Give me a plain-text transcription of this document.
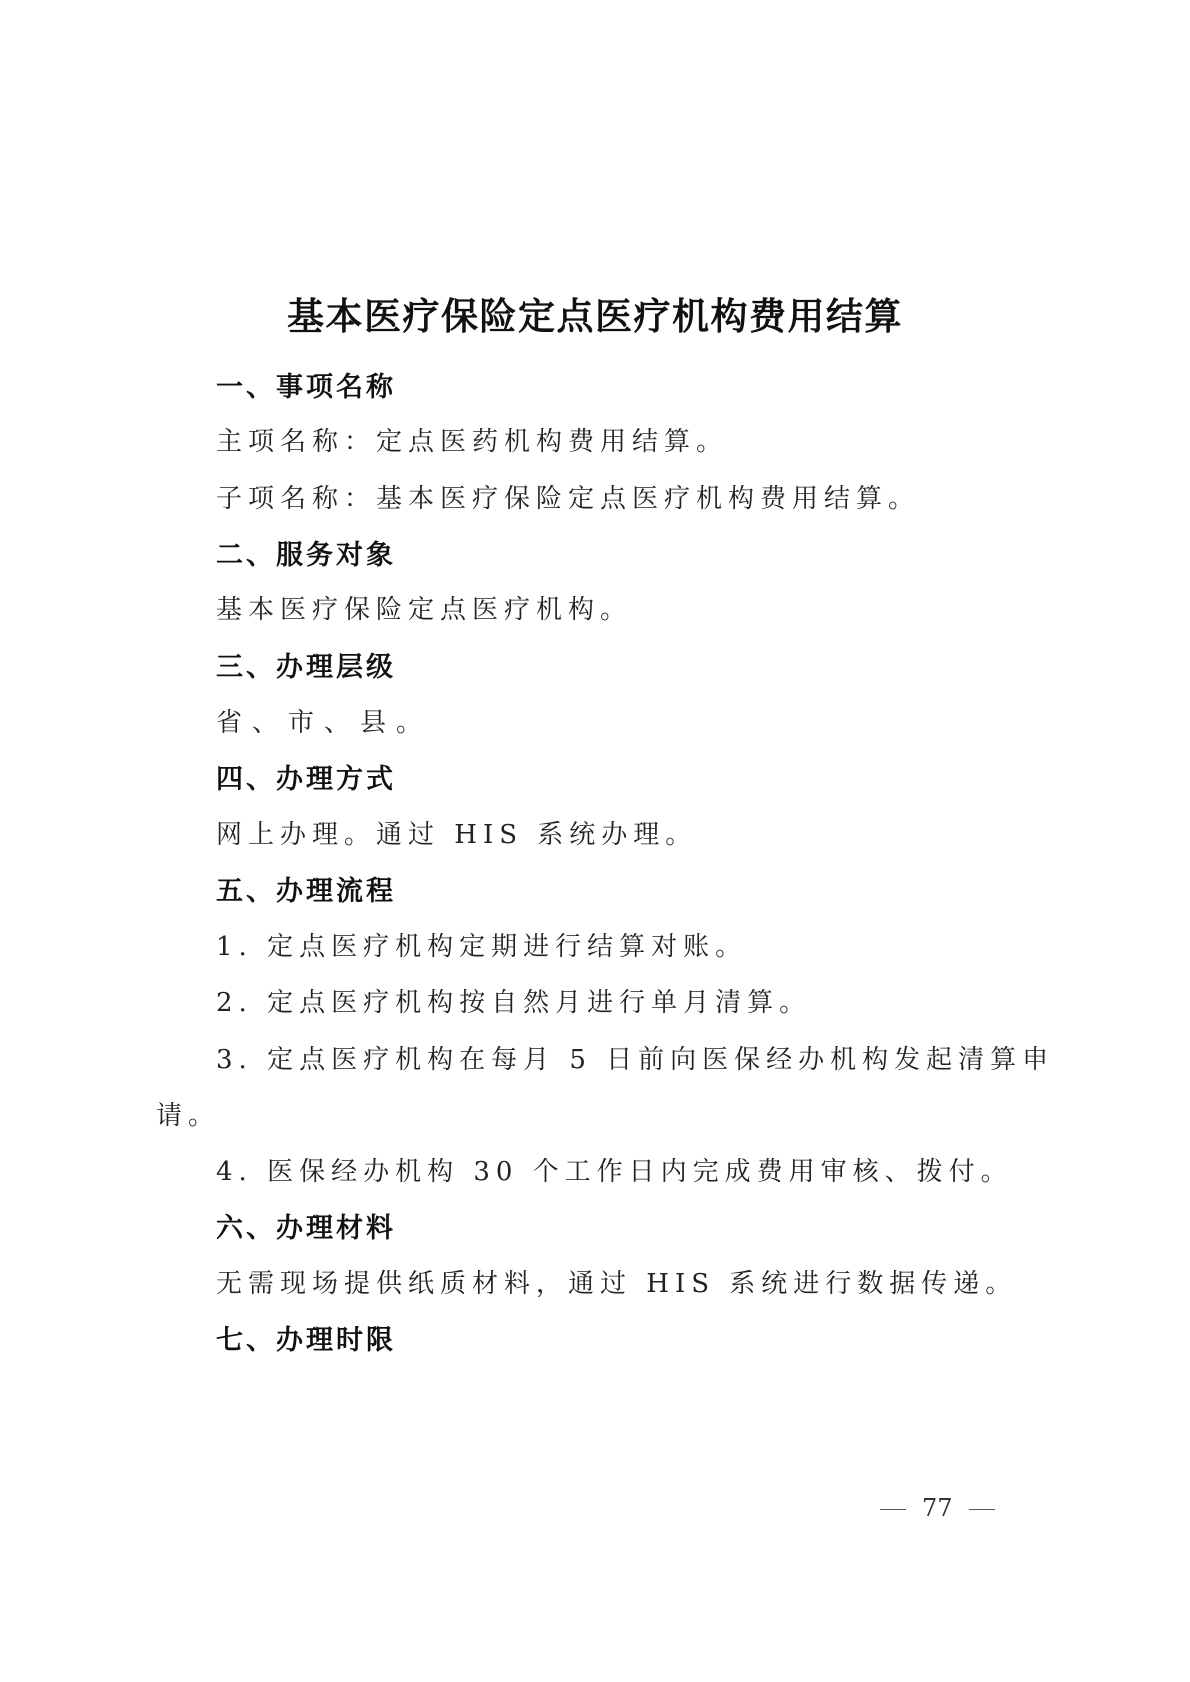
基本医疗保险定点医疗机构费用结算
一、事项名称
主项名称：定点医药机构费用结算。
子项名称：基本医疗保险定点医疗机构费用结算。
二、服务对象
基本医疗保险定点医疗机构。
三、办理层级
省、市、县。
四、办理方式
网上办理。通过 HIS 系统办理。
五、办理流程
1. 定点医疗机构定期进行结算对账。
2. 定点医疗机构按自然月进行单月清算。
3. 定点医疗机构在每月 5 日前向医保经办机构发起清算申
请。
4. 医保经办机构 30 个工作日内完成费用审核、拨付。
六、办理材料
无需现场提供纸质材料，通过 HIS 系统进行数据传递。
七、办理时限
77
